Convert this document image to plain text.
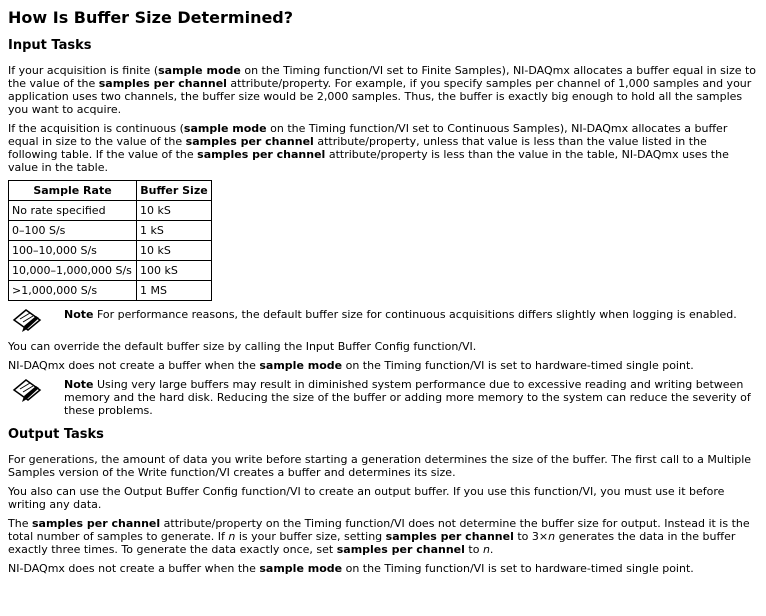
How Is Buffer Size Determined?
Input Tasks

If your acquisition is finite (sample mode on the Timing function/VI set to Finite Samples), NI-DAQmx allocates a buffer equal in size to the value of the samples per channel attribute/property. For example, if you specify samples per channel of 1,000 samples and your application uses two channels, the buffer size would be 2,000 samples. Thus, the buffer is exactly big enough to hold all the samples you want to acquire.

If the acquisition is continuous (sample mode on the Timing function/VI set to Continuous Samples), NI-DAQmx allocates a buffer equal in size to the value of the samples per channel attribute/property, unless that value is less than the value listed in the following table. If the value of the samples per channel attribute/property is less than the value in the table, NI-DAQmx uses the value in the table.

Sample Rate	Buffer Size
No rate specified	10 kS
0–100 S/s	1 kS
100–10,000 S/s	10 kS
10,000–1,000,000 S/s	100 kS
>1,000,000 S/s	1 MS
Note For performance reasons, the default buffer size for continuous acquisitions differs slightly when logging is enabled.

You can override the default buffer size by calling the Input Buffer Config function/VI.

NI-DAQmx does not create a buffer when the sample mode on the Timing function/VI is set to hardware-timed single point.

Note Using very large buffers may result in diminished system performance due to excessive reading and writing between memory and the hard disk. Reducing the size of the buffer or adding more memory to the system can reduce the severity of these problems.
Output Tasks

For generations, the amount of data you write before starting a generation determines the size of the buffer. The first call to a Multiple Samples version of the Write function/VI creates a buffer and determines its size.

You also can use the Output Buffer Config function/VI to create an output buffer. If you use this function/VI, you must use it before writing any data.

The samples per channel attribute/property on the Timing function/VI does not determine the buffer size for output. Instead it is the total number of samples to generate. If n is your buffer size, setting samples per channel to 3×n generates the data in the buffer exactly three times. To generate the data exactly once, set samples per channel to n.

NI-DAQmx does not create a buffer when the sample mode on the Timing function/VI is set to hardware-timed single point.
